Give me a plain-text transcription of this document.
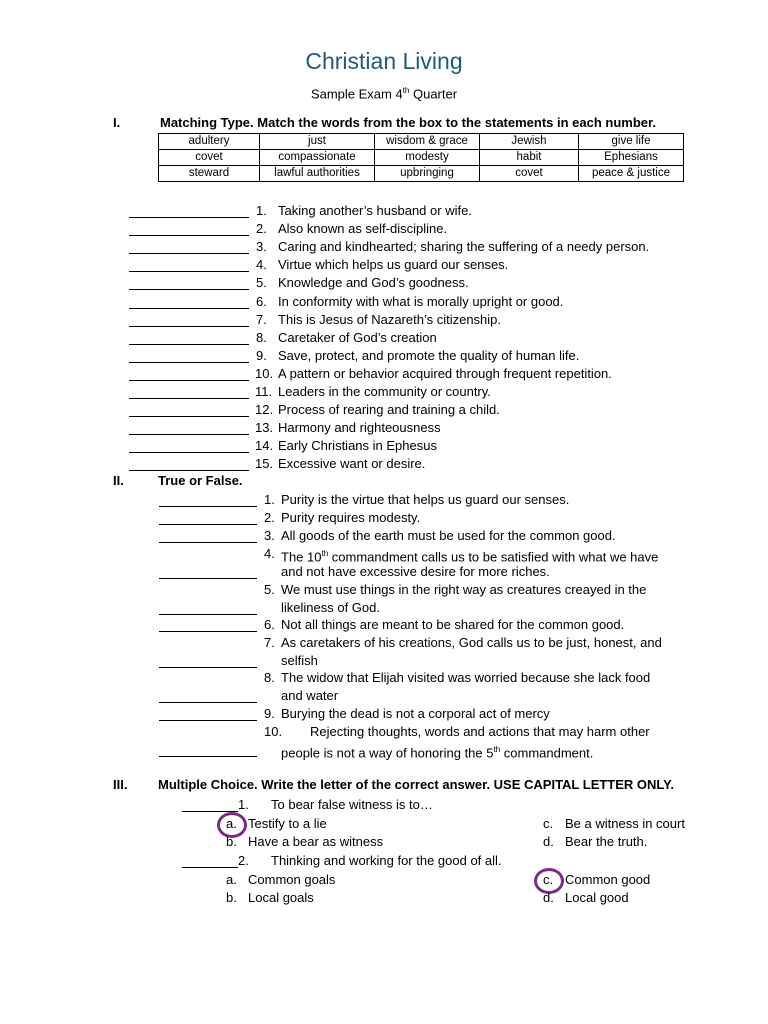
Christian Living
Sample Exam 4th Quarter
I.	Matching Type. Match the words from the box to the statements in each number.
adultery	just	wisdom & grace	Jewish	give life
covet	compassionate	modesty	habit	Ephesians
steward	lawful authorities	upbringing	covet	peace & justice
1. Taking another’s husband or wife.
2. Also known as self-discipline.
3. Caring and kindhearted; sharing the suffering of a needy person.
4. Virtue which helps us guard our senses.
5. Knowledge and God’s goodness.
6. In conformity with what is morally upright or good.
7. This is Jesus of Nazareth’s citizenship.
8. Caretaker of God’s creation
9. Save, protect, and promote the quality of human life.
10. A pattern or behavior acquired through frequent repetition.
11. Leaders in the community or country.
12. Process of rearing and training a child.
13. Harmony and righteousness
14. Early Christians in Ephesus
15. Excessive want or desire.
II.	True or False.
1. Purity is the virtue that helps us guard our senses.
2. Purity requires modesty.
3. All goods of the earth must be used for the common good.
4. The 10th commandment calls us to be satisfied with what we have
and not have excessive desire for more riches.
5. We must use things in the right way as creatures creayed in the
likeliness of God.
6. Not all things are meant to be shared for the common good.
7. As caretakers of his creations, God calls us to be just, honest, and
selfish
8. The widow that Elijah visited was worried because she lack food
and water
9. Burying the dead is not a corporal act of mercy
10. Rejecting thoughts, words and actions that may harm other
people is not a way of honoring the 5th commandment.
III. Multiple Choice. Write the letter of the correct answer. USE CAPITAL LETTER ONLY.
1. To bear false witness is to…
a. Testify to a lie
b. Have a bear as witness
c. Be a witness in court
d. Bear the truth.
2. Thinking and working for the good of all.
a. Common goals
b. Local goals
c. Common good
d. Local good
